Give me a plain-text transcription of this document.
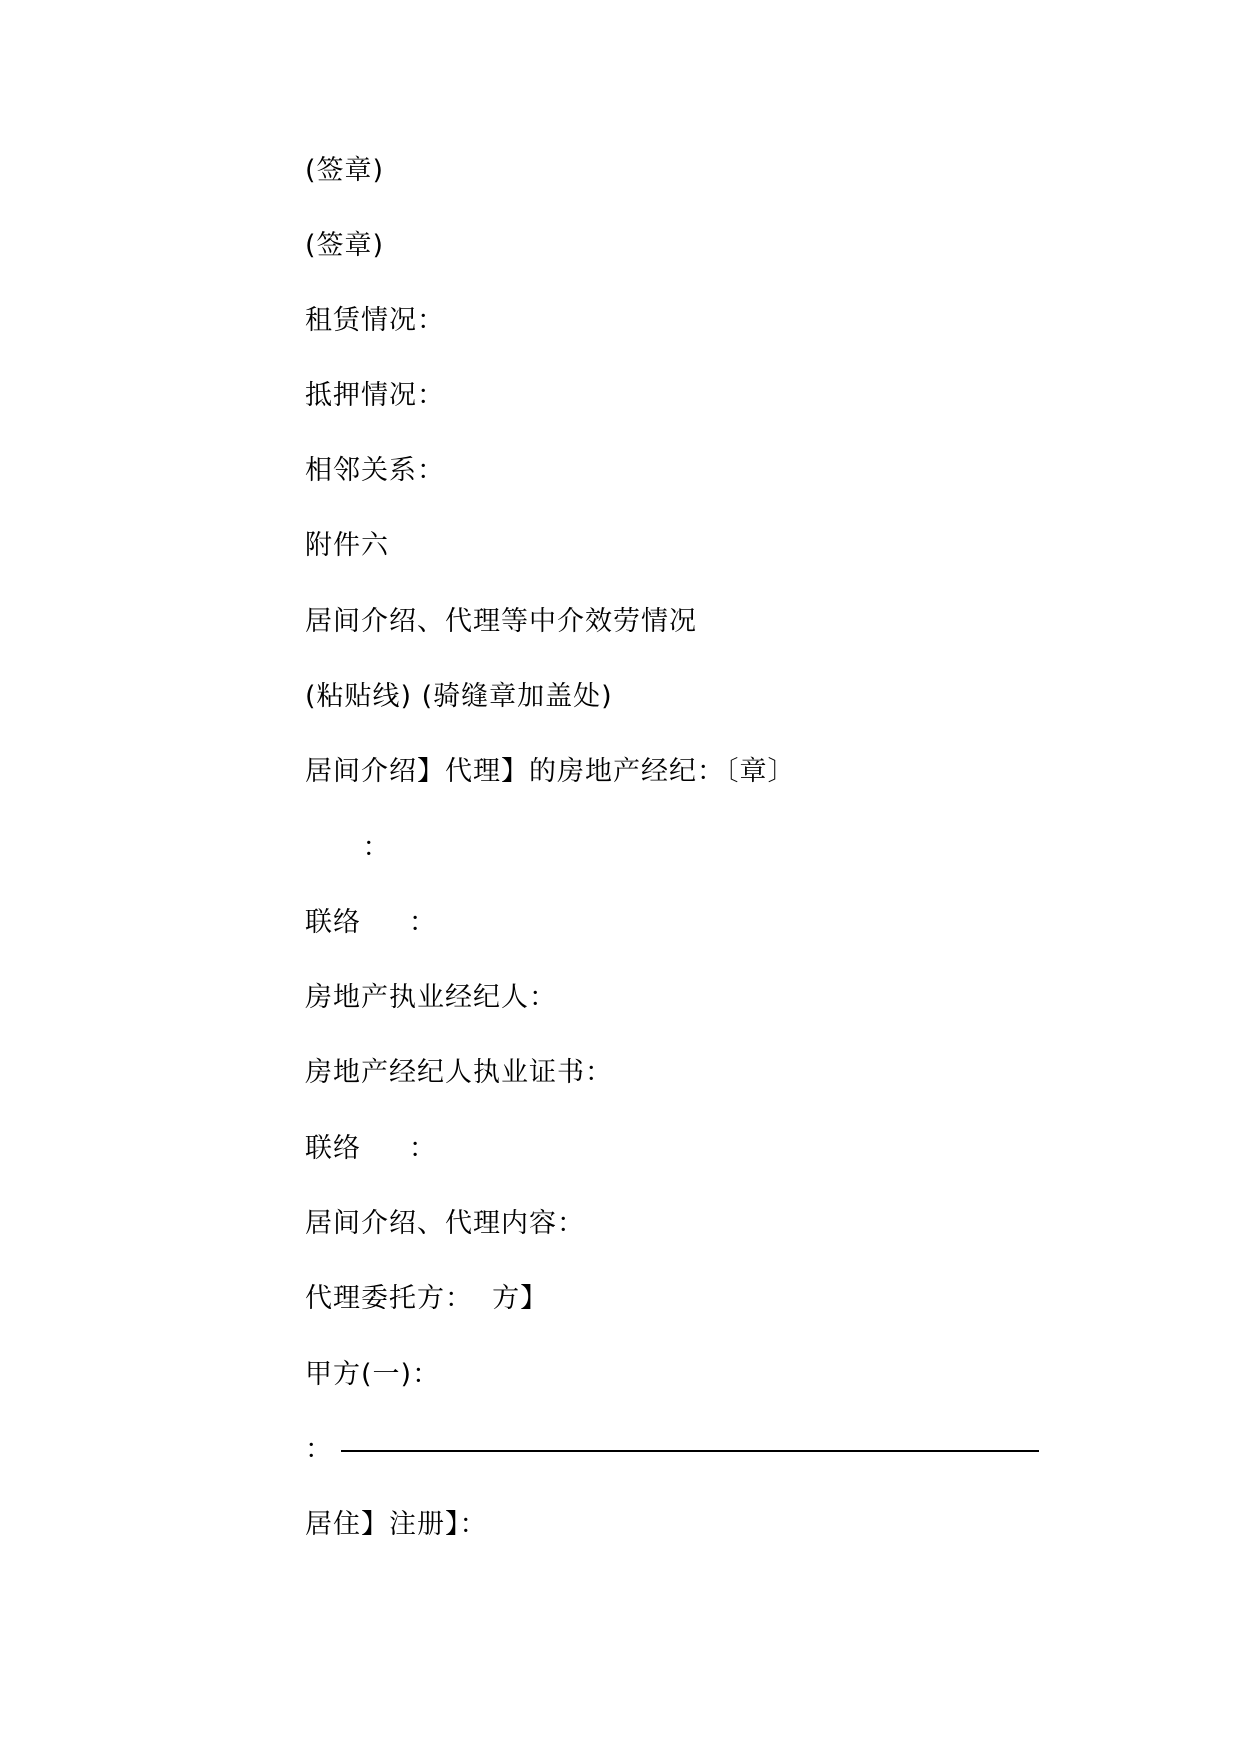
(签章)
(签章)
租赁情况：
抵押情况：
相邻关系：
附件六
居间介绍、代理等中介效劳情况
(粘贴线) (骑缝章加盖处)
居间介绍】代理】的房地产经纪：〔章〕
：
联络     ：
房地产执业经纪人：
房地产经纪人执业证书：
联络     ：
居间介绍、代理内容：
代理委托方：  方】
甲方(一)：
：
居住】注册】：
